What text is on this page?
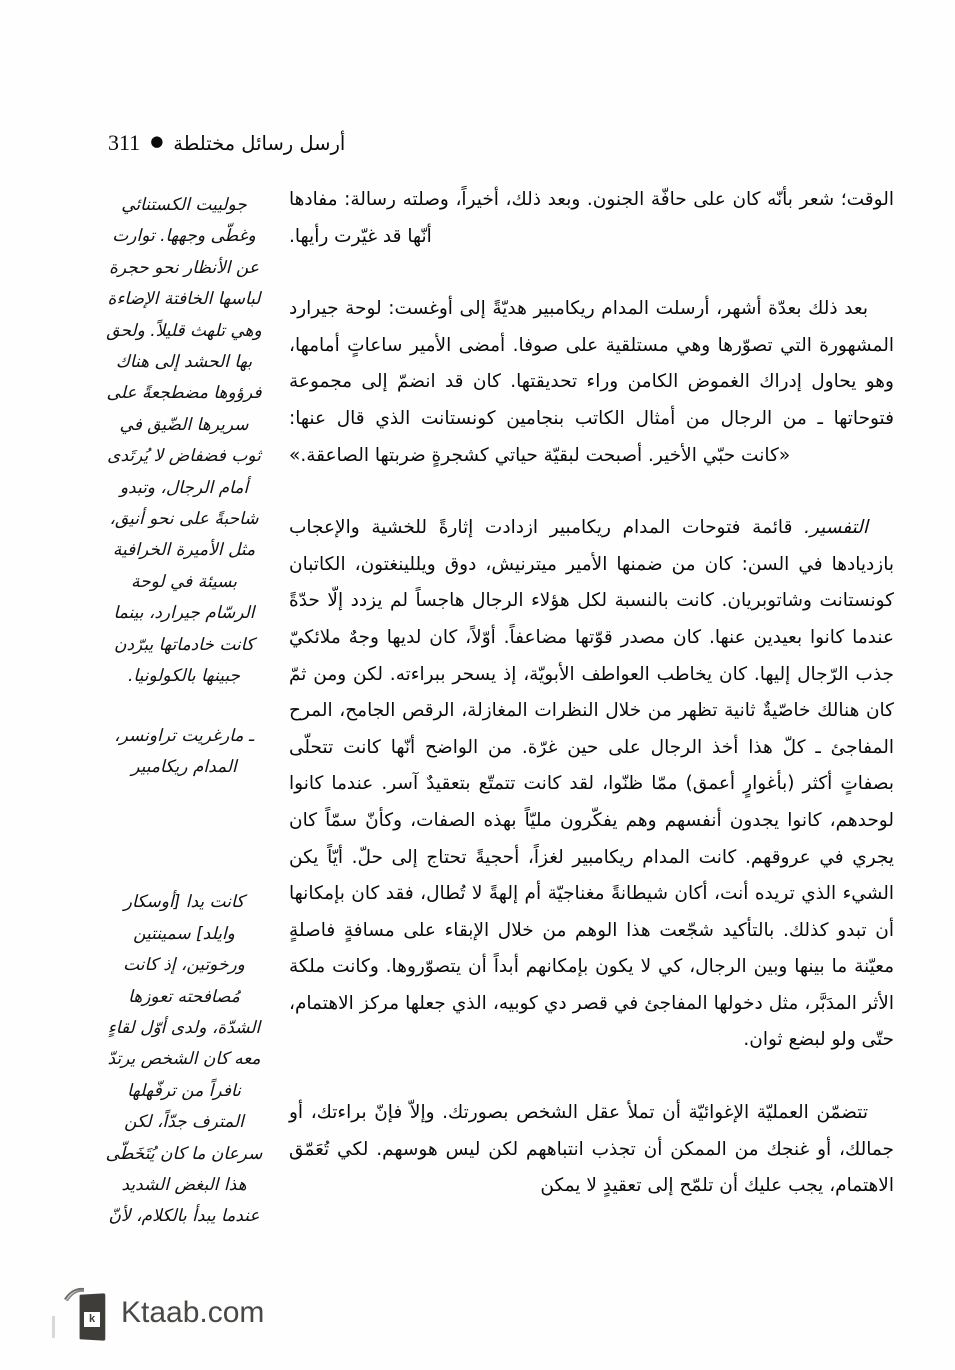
311 ● أرسل رسائل مختلطة

الوقت؛ شعر بأنّه كان على حافّة الجنون. وبعد ذلك، أخيراً، وصلته رسالة: مفادها أنّها قد غيّرت رأيها.

بعد ذلك بعدّة أشهر، أرسلت المدام ريكامبير هديّةً إلى أوغست: لوحة جيرارد المشهورة التي تصوّرها وهي مستلقية على صوفا. أمضى الأمير ساعاتٍ أمامها، وهو يحاول إدراك الغموض الكامن وراء تحديقتها. كان قد انضمّ إلى مجموعة فتوحاتها ـ من الرجال من أمثال الكاتب بنجامين كونستانت الذي قال عنها: «كانت حبّي الأخير. أصبحت لبقيّة حياتي كشجرةٍ ضربتها الصاعقة.»

التفسير. قائمة فتوحات المدام ريكامبير ازدادت إثارةً للخشية والإعجاب بازديادها في السن: كان من ضمنها الأمير ميترنيش، دوق ويللينغتون، الكاتبان كونستانت وشاتوبريان. كانت بالنسبة لكل هؤلاء الرجال هاجساً لم يزدد إلّا حدّةً عندما كانوا بعيدين عنها. كان مصدر قوّتها مضاعفاً. أوّلاً، كان لديها وجهٌ ملائكيّ جذب الرّجال إليها. كان يخاطب العواطف الأبويّة، إذ يسحر ببراءته. لكن ومن ثمّ كان هنالك خاصّيةٌ ثانية تظهر من خلال النظرات المغازلة، الرقص الجامح، المرح المفاجئ ـ كلّ هذا أخذ الرجال على حين غرّة. من الواضح أنّها كانت تتحلّى بصفاتٍ أكثر (بأغوارٍ أعمق) ممّا ظنّوا، لقد كانت تتمتّع بتعقيدٌ آسر. عندما كانوا لوحدهم، كانوا يجدون أنفسهم وهم يفكّرون مليّاً بهذه الصفات، وكأنّ سمّاً كان يجري في عروقهم. كانت المدام ريكامبير لغزاً، أحجيةً تحتاج إلى حلّ. أيّاً يكن الشيء الذي تريده أنت، أكان شيطانةً مغناجيّة أم إلهةً لا تُطال، فقد كان بإمكانها أن تبدو كذلك. بالتأكيد شجّعت هذا الوهم من خلال الإبقاء على مسافةٍ فاصلةٍ معيّنة ما بينها وبين الرجال، كي لا يكون بإمكانهم أبداً أن يتصوّروها. وكانت ملكة الأثر المدَبَّر، مثل دخولها المفاجئ في قصر دي كوبيه، الذي جعلها مركز الاهتمام، حتّى ولو لبضع ثوان.

تتضمّن العمليّة الإغوائيّة أن تملأ عقل الشخص بصورتك. وإلاّ فإنّ براءتك، أو جمالك، أو غنجك من الممكن أن تجذب انتباههم لكن ليس هوسهم. لكي تُعَمّق الاهتمام، يجب عليك أن تلمّح إلى تعقيدٍ لا يمكن

جولييت الكستنائي وغطّى وجهها. توارت عن الأنظار نحو حجرة لباسها الخافتة الإضاءة وهي تلهث قليلاً. ولحق بها الحشد إلى هناك فرؤوها مضطجعةً على سريرها الضّيق في ثوب فضفاض لا يُرتَدى أمام الرجال، وتبدو شاحبةً على نحو أنيق، مثل الأميرة الخرافية بسيئة في لوحة الرسّام جيرارد، بينما كانت خادماتها يبرّدن جبينها بالكولونيا.

ـ مارغريت تراونسر، المدام ريكامبير

كانت يدا [أوسكار وايلد] سمينتين ورخوتين، إذ كانت مُصافحته تعوزها الشدّة، ولدى أوّل لقاءٍ معه كان الشخص يرتدّ نافراً من ترفّهلها المترف جدّاً، لكن سرعان ما كان يُتَخَطّى هذا البغض الشديد عندما يبدأ بالكلام، لأنّ

k Ktaab.com
